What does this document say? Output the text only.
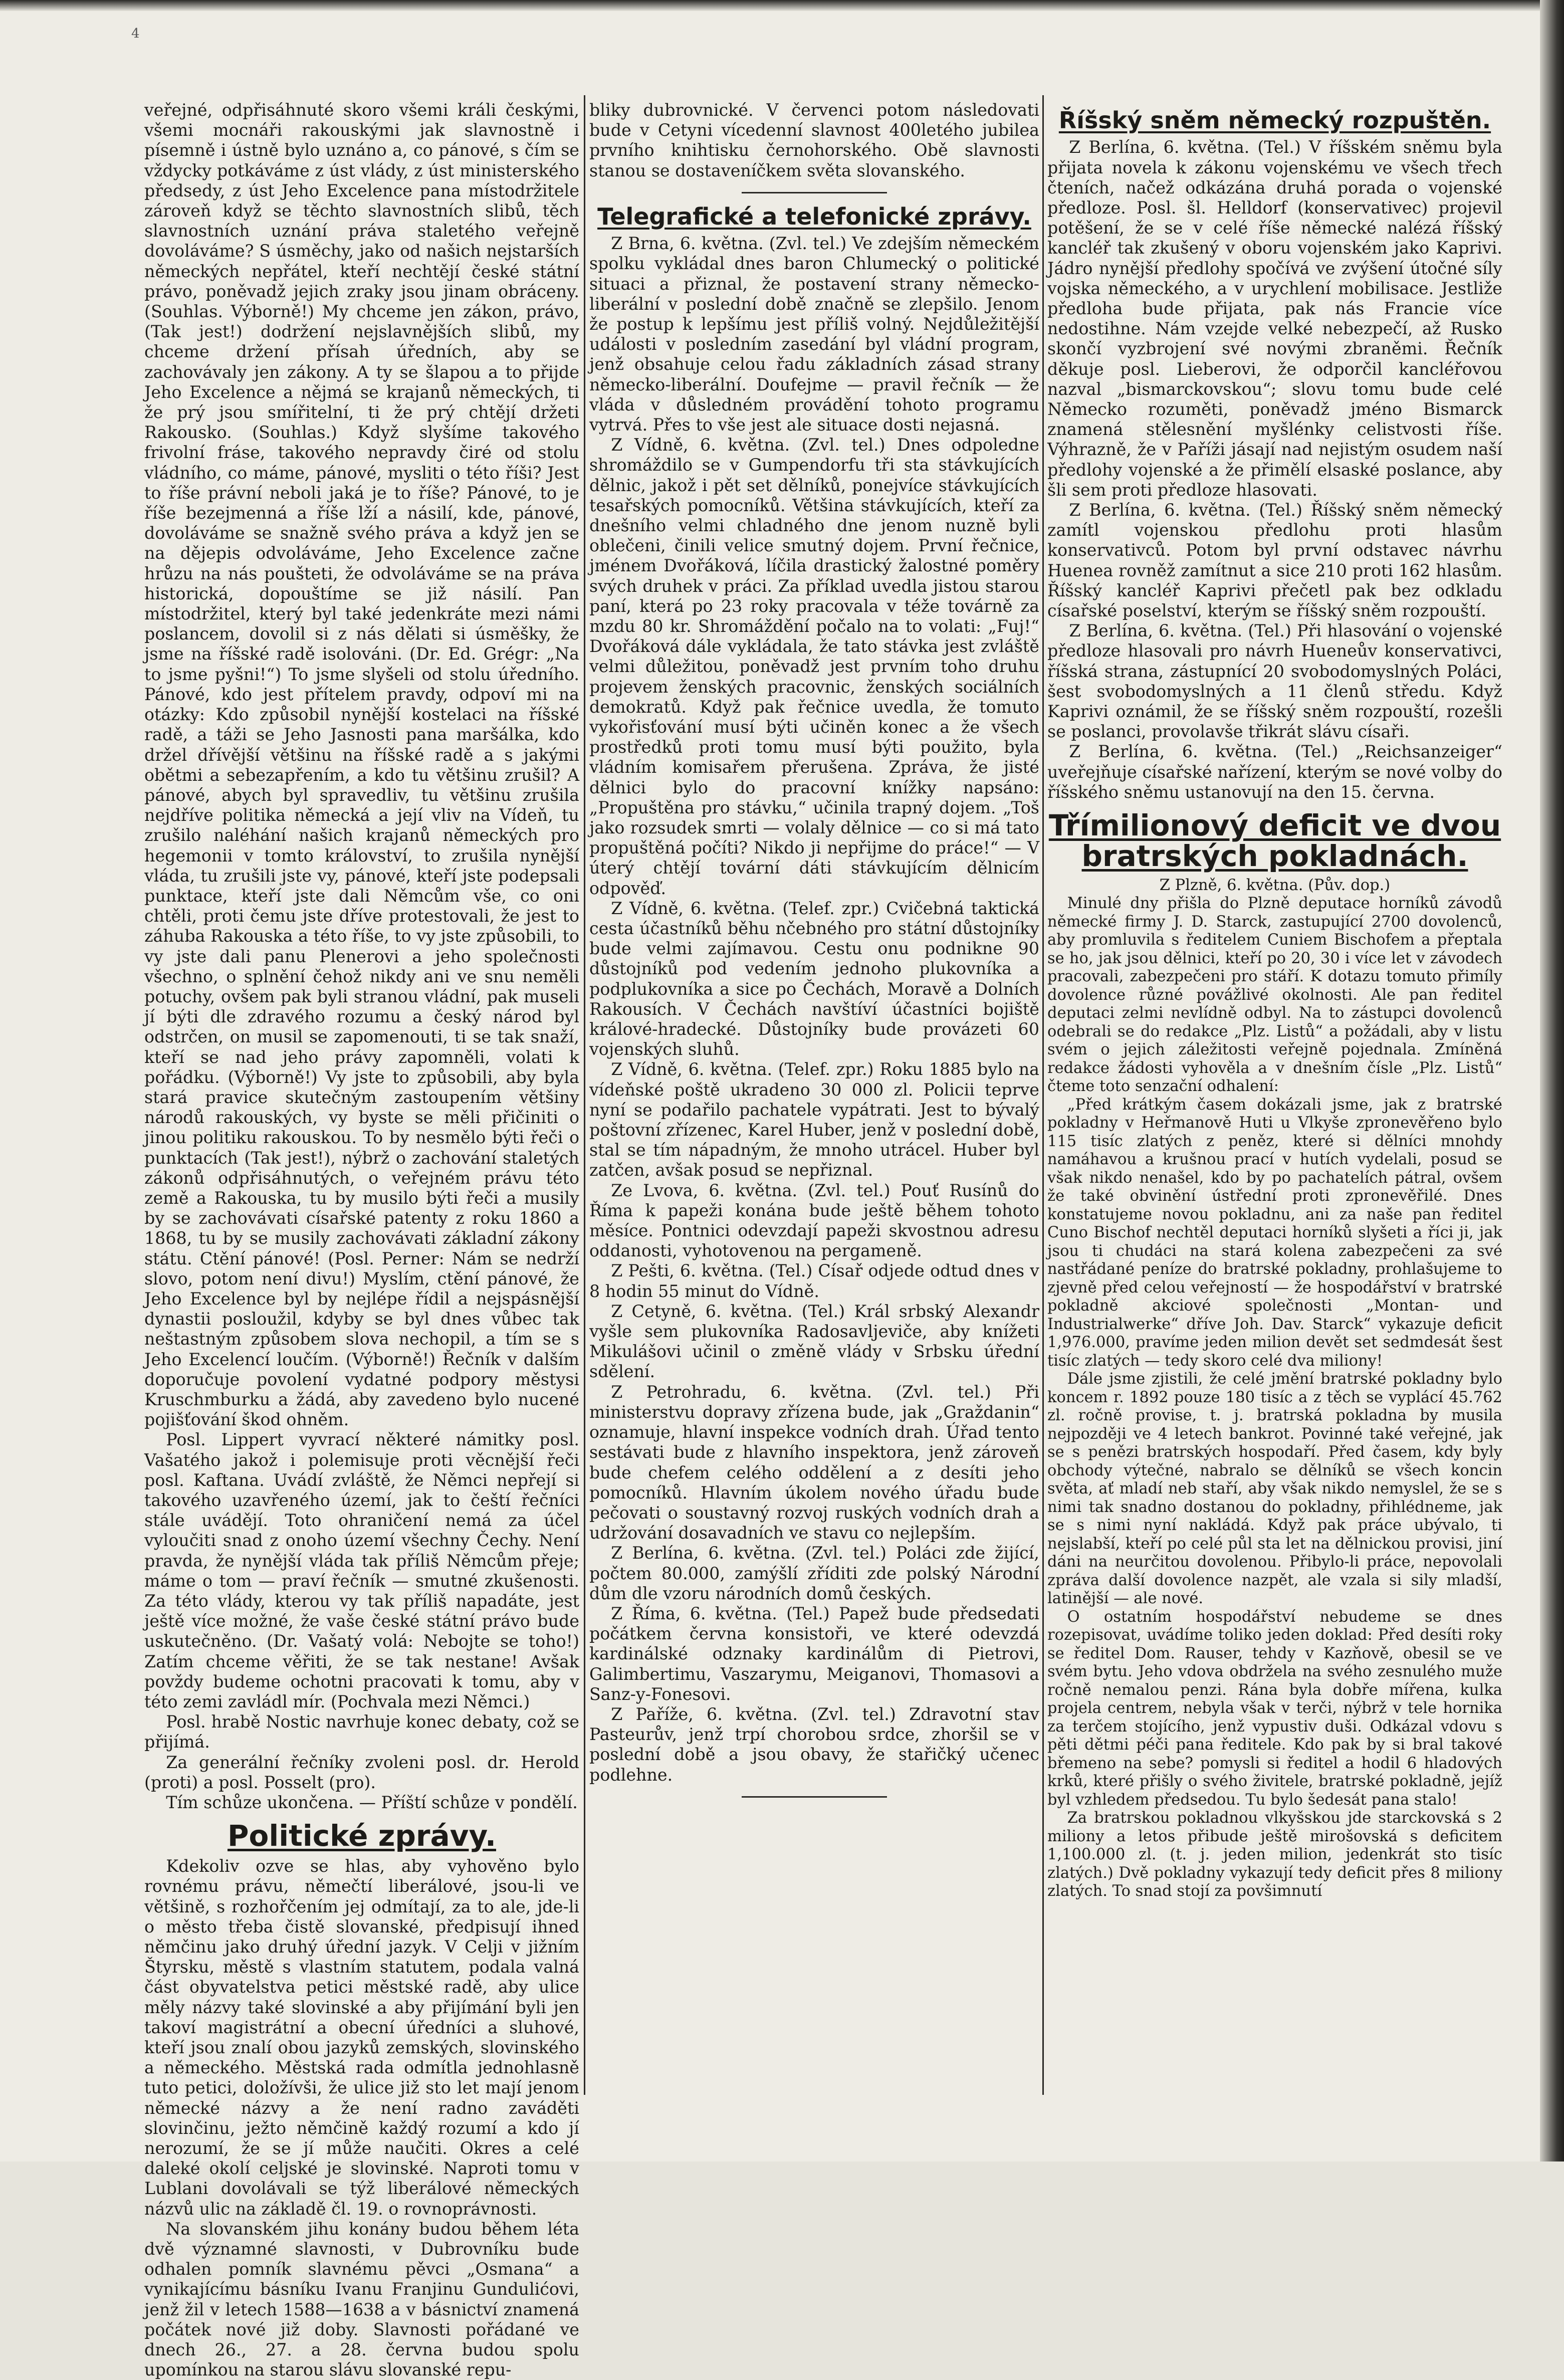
4

veřejné, odpřisáhnuté skoro všemi králi českými, všemi mocnáři rakouskými jak slavnostně i písemně i ústně bylo uznáno a, co pánové, s čím se vždycky potkáváme z úst vlády, z úst ministerského předsedy, z úst Jeho Excelence pana místodržitele zároveň když se těchto slavnostních slibů, těch slavnostních uznání práva staletého veřejně dovoláváme? S úsměchy, jako od našich nejstarších německých nepřátel, kteří nechtějí české státní právo, poněvadž jejich zraky jsou jinam obráceny. (Souhlas. Výborně!) My chceme jen zákon, právo, (Tak jest!) dodržení nejslavnějších slibů, my chceme držení přísah úředních, aby se zachovávaly jen zákony. A ty se šlapou a to přijde Jeho Excelence a nějmá se krajanů německých, ti že prý jsou smířitelní, ti že prý chtějí držeti Rakousko. (Souhlas.) Když slyšíme takového frivolní fráse, takového nepravdy čiré od stolu vládního, co máme, pánové, mysliti o této říši? Jest to říše právní neboli jaká je to říše? Pánové, to je říše bezejmenná a říše lží a násilí, kde, pánové, dovoláváme se snažně svého práva a když jen se na dějepis odvoláváme, Jeho Excelence začne hrůzu na nás poušteti, že odvoláváme se na práva historická, dopouštíme se již násilí. Pan místodržitel, který byl také jedenkráte mezi námi poslancem, dovolil si z nás dělati si úsměšky, že jsme na říšské radě isolováni. (Dr. Ed. Grégr: „Na to jsme pyšni!“) To jsme slyšeli od stolu úředního. Pánové, kdo jest přítelem pravdy, odpoví mi na otázky: Kdo způsobil nynější kostelaci na říšské radě, a táži se Jeho Jasnosti pana maršálka, kdo držel dřívější většinu na říšské radě a s jakými obětmi a sebezapřením, a kdo tu většinu zrušil? A pánové, abych byl spravedliv, tu většinu zrušila nejdříve politika německá a její vliv na Vídeň, tu zrušilo naléhání našich krajanů německých pro hegemonii v tomto království, to zrušila nynější vláda, tu zrušili jste vy, pánové, kteří jste podepsali punktace, kteří jste dali Němcům vše, co oni chtěli, proti čemu jste dříve protestovali, že jest to záhuba Rakouska a této říše, to vy jste způsobili, to vy jste dali panu Plenerovi a jeho společnosti všechno, o splnění čehož nikdy ani ve snu neměli potuchy, ovšem pak byli stranou vládní, pak museli jí býti dle zdravého rozumu a český národ byl odstrčen, on musil se zapomenouti, ti se tak snaží, kteří se nad jeho právy zapomněli, volati k pořádku. (Výborně!) Vy jste to způsobili, aby byla stará pravice skutečným zastoupením většiny národů rakouských, vy byste se měli přičiniti o jinou politiku rakouskou. To by nesmělo býti řeči o punktacích (Tak jest!), nýbrž o zachování staletých zákonů odpřisáhnutých, o veřejném právu této země a Rakouska, tu by musilo býti řeči a musily by se zachovávati císařské patenty z roku 1860 a 1868, tu by se musily zachovávati základní zákony státu. Ctění pánové! (Posl. Perner: Nám se nedrží slovo, potom není divu!) Myslím, ctění pánové, že Jeho Excelence byl by nejlépe řídil a nejspásnější dynastii posloužil, kdyby se byl dnes vůbec tak neštastným způsobem slova nechopil, a tím se s Jeho Excelencí loučím. (Výborně!) Řečník v dalším doporučuje povolení vydatné podpory městysi Kruschmburku a žádá, aby zavedeno bylo nucené pojišťování škod ohněm.

Posl. Lippert vyvrací některé námitky posl. Vašatého jakož i polemisuje proti věcnější řeči posl. Kaftana. Uvádí zvláště, že Němci nepřejí si takového uzavřeného území, jak to čeští řečníci stále uvádějí. Toto ohraničení nemá za účel vyloučiti snad z onoho území všechny Čechy. Není pravda, že nynější vláda tak příliš Němcům přeje; máme o tom — praví řečník — smutné zkušenosti. Za této vlády, kterou vy tak příliš napadáte, jest ještě více možné, že vaše české státní právo bude uskutečněno. (Dr. Vašatý volá: Nebojte se toho!) Zatím chceme věřiti, že se tak nestane! Avšak povždy budeme ochotni pracovati k tomu, aby v této zemi zavládl mír. (Pochvala mezi Němci.)

Posl. hrabě Nostic navrhuje konec debaty, což se přijímá.

Za generální řečníky zvoleni posl. dr. Herold (proti) a posl. Posselt (pro).

Tím schůze ukončena. — Příští schůze v pondělí.

Politické zprávy.

Kdekoliv ozve se hlas, aby vyhověno bylo rovnému právu, němečtí liberálové, jsou-li ve většině, s rozhořčením jej odmítají, za to ale, jde-li o město třeba čistě slovanské, předpisují ihned němčinu jako druhý úřední jazyk. V Celji v jižním Štyrsku, městě s vlastním statutem, podala valná část obyvatelstva petici městské radě, aby ulice měly názvy také slovinské a aby přijímání byli jen takoví magistrátní a obecní úředníci a sluhové, kteří jsou znalí obou jazyků zemských, slovinského a německého. Městská rada odmítla jednohlasně tuto petici, doložívši, že ulice již sto let mají jenom německé názvy a že není radno zaváděti slovinčinu, ježto němčině každý rozumí a kdo jí nerozumí, že se jí může naučiti. Okres a celé daleké okolí celjské je slovinské. Naproti tomu v Lublani dovolávali se týž liberálové německých názvů ulic na základě čl. 19. o rovnoprávnosti.

Na slovanském jihu konány budou během léta dvě významné slavnosti, v Dubrovníku bude odhalen pomník slavnému pěvci „Osmana“ a vynikajícímu básníku Ivanu Franjinu Gundulićovi, jenž žil v letech 1588—1638 a v básnictví znamená počátek nové již doby. Slavnosti pořádané ve dnech 26., 27. a 28. června budou spolu upomínkou na starou slávu slovanské repu-

bliky dubrovnické. V červenci potom následovati bude v Cetyni vícedenní slavnost 400letého jubilea prvního knihtisku černohorského. Obě slavnosti stanou se dostaveníčkem světa slovanského.

Telegrafické a telefonické zprávy.

Z Brna, 6. května. (Zvl. tel.) Ve zdejším německém spolku vykládal dnes baron Chlumecký o politické situaci a přiznal, že postavení strany německo-liberální v poslední době značně se zlepšilo. Jenom že postup k lepšímu jest příliš volný. Nejdůležitější události v posledním zasedání byl vládní program, jenž obsahuje celou řadu základních zásad strany německo-liberální. Doufejme — pravil řečník — že vláda v důsledném provádění tohoto programu vytrvá. Přes to vše jest ale situace dosti nejasná.

Z Vídně, 6. května. (Zvl. tel.) Dnes odpoledne shromáždilo se v Gumpendorfu tři sta stávkujících dělnic, jakož i pět set dělníků, ponejvíce stávkujících tesařských pomocníků. Většina stávkujících, kteří za dnešního velmi chladného dne jenom nuzně byli oblečeni, činili velice smutný dojem. První řečnice, jménem Dvořáková, líčila drastický žalostné poměry svých druhek v práci. Za příklad uvedla jistou starou paní, která po 23 roky pracovala v téže továrně za mzdu 80 kr. Shromáždění počalo na to volati: „Fuj!“ Dvořáková dále vykládala, že tato stávka jest zvláště velmi důležitou, poněvadž jest prvním toho druhu projevem ženských pracovnic, ženských sociálních demokratů. Když pak řečnice uvedla, že tomuto vykořisťování musí býti učiněn konec a že všech prostředků proti tomu musí býti použito, byla vládním komisařem přerušena. Zpráva, že jisté dělnici bylo do pracovní knížky napsáno: „Propuštěna pro stávku,“ učinila trapný dojem. „Toš jako rozsudek smrti — volaly dělnice — co si má tato propuštěná počíti? Nikdo ji nepřijme do práce!“ — V úterý chtějí tovární dáti stávkujícím dělnicím odpověď.

Z Vídně, 6. května. (Telef. zpr.) Cvičebná taktická cesta účastníků běhu nčebného pro státní důstojníky bude velmi zajímavou. Cestu onu podnikne 90 důstojníků pod vedením jednoho plukovníka a podplukovníka a sice po Čechách, Moravě a Dolních Rakousích. V Čechách navštíví účastníci bojiště králové-hradecké. Důstojníky bude provázeti 60 vojenských sluhů.

Z Vídně, 6. května. (Telef. zpr.) Roku 1885 bylo na vídeňské poště ukradeno 30 000 zl. Policii teprve nyní se podařilo pachatele vypátrati. Jest to bývalý poštovní zřízenec, Karel Huber, jenž v poslední době, stal se tím nápadným, že mnoho utrácel. Huber byl zatčen, avšak posud se nepřiznal.

Ze Lvova, 6. května. (Zvl. tel.) Pouť Rusínů do Říma k papeži konána bude ještě během tohoto měsíce. Pontnici odevzdají papeži skvostnou adresu oddanosti, vyhotovenou na pergameně.

Z Pešti, 6. května. (Tel.) Císař odjede odtud dnes v 8 hodin 55 minut do Vídně.

Z Cetyně, 6. května. (Tel.) Král srbský Alexandr vyšle sem plukovníka Radosavljeviče, aby knížeti Mikulášovi učinil o změně vlády v Srbsku úřední sdělení.

Z Petrohradu, 6. května. (Zvl. tel.) Při ministerstvu dopravy zřízena bude, jak „Graždanin“ oznamuje, hlavní inspekce vodních drah. Úřad tento sestávati bude z hlavního inspektora, jenž zároveň bude chefem celého oddělení a z desíti jeho pomocníků. Hlavním úkolem nového úřadu bude pečovati o soustavný rozvoj ruských vodních drah a udržování dosavadních ve stavu co nejlepším.

Z Berlína, 6. května. (Zvl. tel.) Poláci zde žijící, počtem 80.000, zamýšlí zříditi zde polský Národní dům dle vzoru národních domů českých.

Z Říma, 6. května. (Tel.) Papež bude předsedati počátkem června konsistoři, ve které odevzdá kardinálské odznaky kardinálům di Pietrovi, Galimbertimu, Vaszarymu, Meiganovi, Thomasovi a Sanz-y-Fonesovi.

Z Paříže, 6. května. (Zvl. tel.) Zdravotní stav Pasteurův, jenž trpí chorobou srdce, zhoršil se v poslední době a jsou obavy, že stařičký učenec podlehne.

Říšský sněm německý rozpuštěn.

Z Berlína, 6. května. (Tel.) V říšském sněmu byla přijata novela k zákonu vojenskému ve všech třech čteních, načež odkázána druhá porada o vojenské předloze. Posl. šl. Helldorf (konservativec) projevil potěšení, že se v celé říše německé nalézá říšský kancléř tak zkušený v oboru vojenském jako Kaprivi. Jádro nynější předlohy spočívá ve zvýšení útočné síly vojska německého, a v urychlení mobilisace. Jestliže předloha bude přijata, pak nás Francie více nedostihne. Nám vzejde velké nebezpečí, až Rusko skončí vyzbrojení své novými zbraněmi. Řečník děkuje posl. Lieberovi, že odporčil kancléřovou nazval „bismarckovskou“; slovu tomu bude celé Německo rozuměti, poněvadž jméno Bismarck znamená stělesnění myšlénky celistvosti říše. Výhrazně, že v Paříži jásají nad nejistým osudem naší předlohy vojenské a že přimělí elsaské poslance, aby šli sem proti předloze hlasovati.

Z Berlína, 6. května. (Tel.) Říšský sněm německý zamítl vojenskou předlohu proti hlasům konservativců. Potom byl první odstavec návrhu Huenea rovněž zamítnut a sice 210 proti 162 hlasům. Říšský kancléř Kaprivi přečetl pak bez odkladu císařské poselství, kterým se říšský sněm rozpouští.

Z Berlína, 6. května. (Tel.) Při hlasování o vojenské předloze hlasovali pro návrh Hueneův konservativci, říšská strana, zástupnící 20 svobodomyslných Poláci, šest svobodomyslných a 11 členů středu. Když Kaprivi oznámil, že se říšský sněm rozpouští, rozešli se poslanci, provolavše třikrát slávu císaři.

Z Berlína, 6. května. (Tel.) „Reichsanzeiger“ uveřejňuje císařské nařízení, kterým se nové volby do říšského sněmu ustanovují na den 15. června.

Třímilionový deficit ve dvou bratrských pokladnách.

Z Plzně, 6. května. (Pův. dop.)

Minulé dny přišla do Plzně deputace horníků závodů německé firmy J. D. Starck, zastupující 2700 dovolenců, aby promluvila s ředitelem Cuniem Bischofem a přeptala se ho, jak jsou dělnici, kteří po 20, 30 i více let v závodech pracovali, zabezpečeni pro stáří. K dotazu tomuto přimíly dovolence různé povážlivé okolnosti. Ale pan ředitel deputaci zelmi nevlídně odbyl. Na to zástupci dovolenců odebrali se do redakce „Plz. Listů“ a požádali, aby v listu svém o jejich záležitosti veřejně pojednala. Zmíněná redakce žádosti vyhověla a v dnešním čísle „Plz. Listů“ čteme toto senzační odhalení:

„Před krátkým časem dokázali jsme, jak z bratrské pokladny v Heřmanově Huti u Vlkyše zpronevěřeno bylo 115 tisíc zlatých z peněz, které si dělníci mnohdy namáhavou a krušnou prací v hutích vydelali, posud se však nikdo nenašel, kdo by po pachatelích pátral, ovšem že také obvinění ústřední proti zpronevěřilé. Dnes konstatujeme novou pokladnu, ani za naše pan ředitel Cuno Bischof nechtěl deputaci horníků slyšeti a říci ji, jak jsou ti chudáci na stará kolena zabezpečeni za své nastřádané peníze do bratrské pokladny, prohlašujeme to zjevně před celou veřejností — že hospodářství v bratrské pokladně akciové společnosti „Montan- und Industrialwerke“ dříve Joh. Dav. Starck“ vykazuje deficit 1,976.000, pravíme jeden milion devět set sedmdesát šest tisíc zlatých — tedy skoro celé dva miliony!

Dále jsme zjistili, že celé jmění bratrské pokladny bylo koncem r. 1892 pouze 180 tisíc a z těch se vyplácí 45.762 zl. ročně provise, t. j. bratrská pokladna by musila nejpozději ve 4 letech bankrot. Povinné také veřejné, jak se s penězi bratrských hospodaří. Před časem, kdy byly obchody výtečné, nabralo se dělníků se všech koncin světa, ať mladí neb staří, aby však nikdo nemyslel, že se s nimi tak snadno dostanou do pokladny, přihlédneme, jak se s nimi nyní nakládá. Když pak práce ubývalo, ti nejslabší, kteří po celé půl sta let na dělnickou provisi, jiní dáni na neurčitou dovolenou. Přibylo-li práce, nepovolali zpráva další dovolence nazpět, ale vzala si sily mladší, latinější — ale nové.

O ostatním hospodářství nebudeme se dnes rozepisovat, uvádíme toliko jeden doklad: Před desíti roky se ředitel Dom. Rauser, tehdy v Kazňově, obesil se ve svém bytu. Jeho vdova obdržela na svého zesnulého muže ročně nemalou penzi. Rána byla dobře mířena, kulka projela centrem, nebyla však v terči, nýbrž v tele hornika za terčem stojícího, jenž vypustiv duši. Odkázal vdovu s pěti dětmi péči pana ředitele. Kdo pak by si bral takové břemeno na sebe? pomysli si ředitel a hodil 6 hladových krků, které přišly o svého živitele, bratrské pokladně, jejíž byl vzhledem předsedou. Tu bylo šedesát pana stalo!

Za bratrskou pokladnou vlkyšskou jde starckovská s 2 miliony a letos přibude ještě mirošovská s deficitem 1,100.000 zl. (t. j. jeden milion, jedenkrát sto tisíc zlatých.) Dvě pokladny vykazují tedy deficit přes 8 miliony zlatých. To snad stojí za povšimnutí
